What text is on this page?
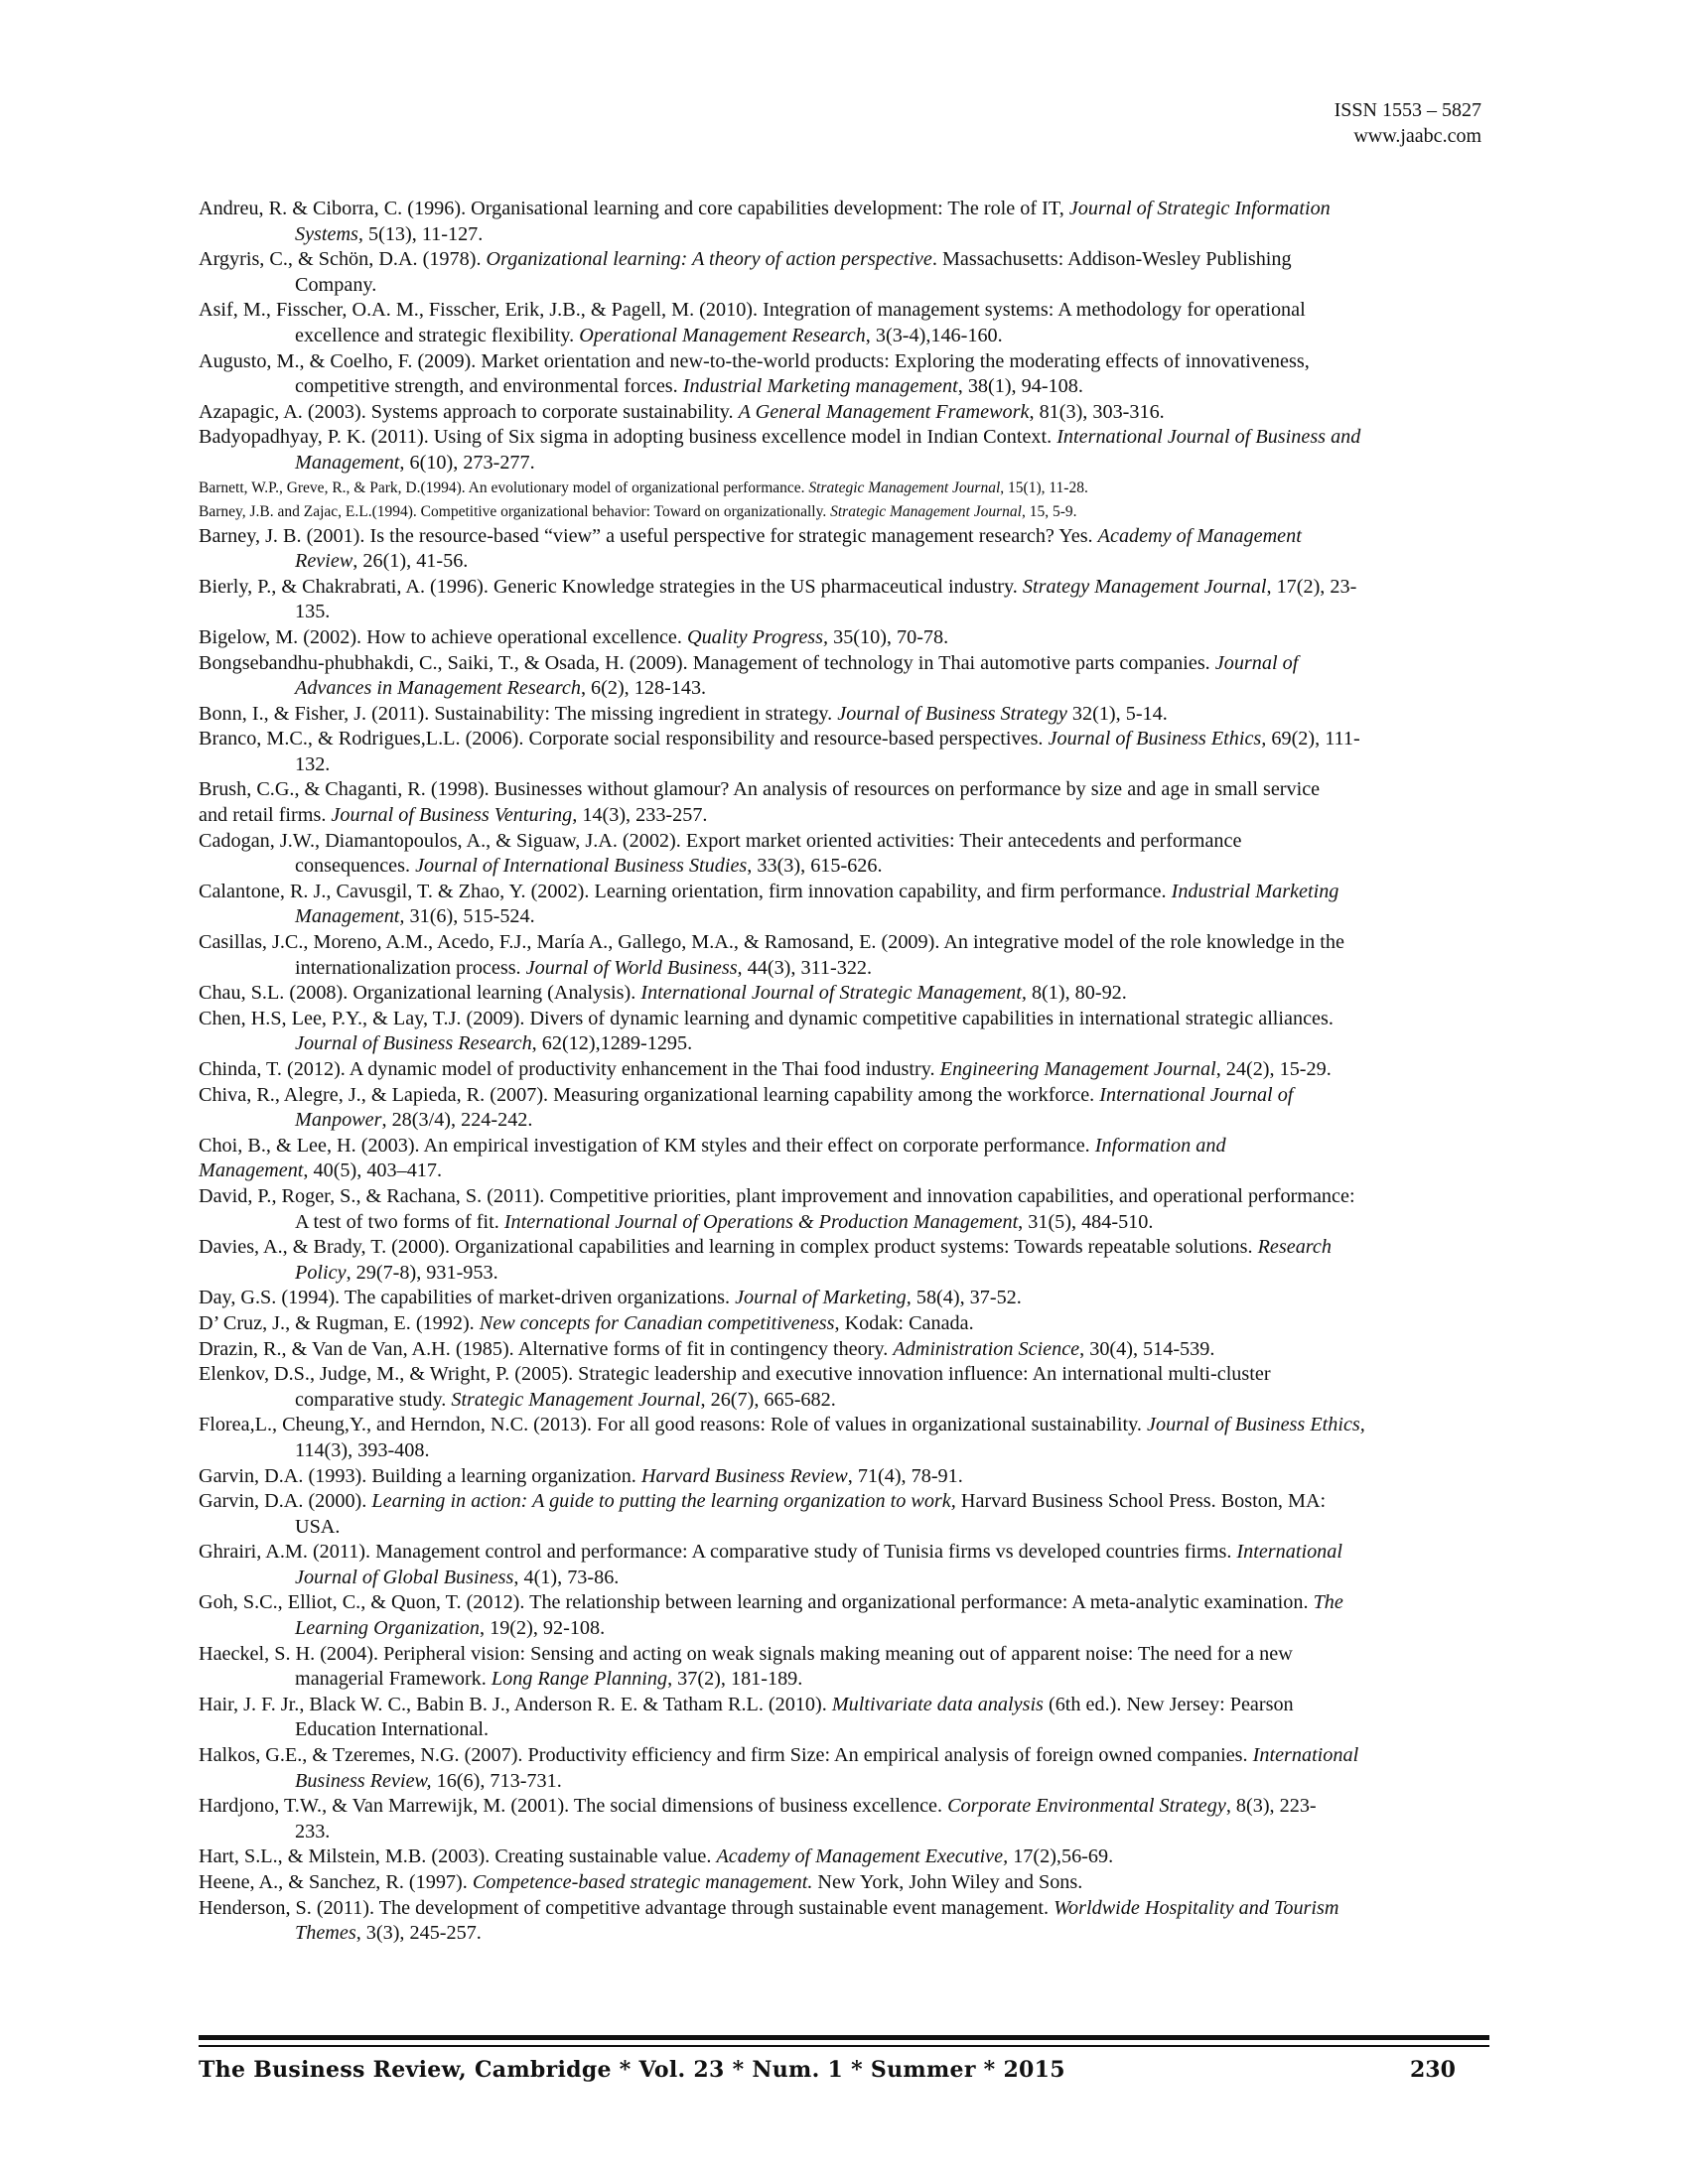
ISSN 1553 – 5827
www.jaabc.com
Andreu, R. & Ciborra, C. (1996). Organisational learning and core capabilities development: The role of IT, Journal of Strategic Information
Systems, 5(13), 11-127.
Argyris, C., & Schön, D.A. (1978). Organizational learning: A theory of action perspective. Massachusetts: Addison-Wesley Publishing
Company.
Asif, M., Fisscher, O.A. M., Fisscher, Erik, J.B., & Pagell, M. (2010). Integration of management systems: A methodology for operational
excellence and strategic flexibility. Operational Management Research, 3(3-4),146-160.
Augusto, M., & Coelho, F. (2009). Market orientation and new-to-the-world products: Exploring the moderating effects of innovativeness,
competitive strength, and environmental forces. Industrial Marketing management, 38(1), 94-108.
Azapagic, A. (2003). Systems approach to corporate sustainability. A General Management Framework, 81(3), 303-316.
Badyopadhyay, P. K. (2011). Using of Six sigma in adopting business excellence model in Indian Context. International Journal of Business and
Management, 6(10), 273-277.
Barnett, W.P., Greve, R., & Park, D.(1994). An evolutionary model of organizational performance. Strategic Management Journal, 15(1), 11-28.
Barney, J.B. and Zajac, E.L.(1994). Competitive organizational behavior: Toward on organizationally. Strategic Management Journal, 15, 5-9.
Barney, J. B. (2001). Is the resource-based “view” a useful perspective for strategic management research? Yes. Academy of Management
Review, 26(1), 41-56.
Bierly, P., & Chakrabrati, A. (1996). Generic Knowledge strategies in the US pharmaceutical industry. Strategy Management Journal, 17(2), 23-
135.
Bigelow, M. (2002). How to achieve operational excellence. Quality Progress, 35(10), 70-78.
Bongsebandhu-phubhakdi, C., Saiki, T., & Osada, H. (2009). Management of technology in Thai automotive parts companies. Journal of
Advances in Management Research, 6(2), 128-143.
Bonn, I., & Fisher, J. (2011). Sustainability: The missing ingredient in strategy. Journal of Business Strategy 32(1), 5-14.
Branco, M.C., & Rodrigues,L.L. (2006). Corporate social responsibility and resource-based perspectives. Journal of Business Ethics, 69(2), 111-
132.
Brush, C.G., & Chaganti, R. (1998). Businesses without glamour? An analysis of resources on performance by size and age in small service
and retail firms. Journal of Business Venturing, 14(3), 233-257.
Cadogan, J.W., Diamantopoulos, A., & Siguaw, J.A. (2002). Export market oriented activities: Their antecedents and performance
consequences. Journal of International Business Studies, 33(3), 615-626.
Calantone, R. J., Cavusgil, T. & Zhao, Y. (2002). Learning orientation, firm innovation capability, and firm performance. Industrial Marketing
Management, 31(6), 515-524.
Casillas, J.C., Moreno, A.M., Acedo, F.J., María A., Gallego, M.A., & Ramosand, E. (2009). An integrative model of the role knowledge in the
internationalization process. Journal of World Business, 44(3), 311-322.
Chau, S.L. (2008). Organizational learning (Analysis). International Journal of Strategic Management, 8(1), 80-92.
Chen, H.S, Lee, P.Y., & Lay, T.J. (2009). Divers of dynamic learning and dynamic competitive capabilities in international strategic alliances.
Journal of Business Research, 62(12),1289-1295.
Chinda, T. (2012). A dynamic model of productivity enhancement in the Thai food industry. Engineering Management Journal, 24(2), 15-29.
Chiva, R., Alegre, J., & Lapieda, R. (2007). Measuring organizational learning capability among the workforce. International Journal of
Manpower, 28(3/4), 224-242.
Choi, B., & Lee, H. (2003). An empirical investigation of KM styles and their effect on corporate performance. Information and
Management, 40(5), 403–417.
David, P., Roger, S., & Rachana, S. (2011). Competitive priorities, plant improvement and innovation capabilities, and operational performance:
A test of two forms of fit. International Journal of Operations & Production Management, 31(5), 484-510.
Davies, A., & Brady, T. (2000). Organizational capabilities and learning in complex product systems: Towards repeatable solutions. Research
Policy, 29(7-8), 931-953.
Day, G.S. (1994). The capabilities of market-driven organizations. Journal of Marketing, 58(4), 37-52.
D’ Cruz, J., & Rugman, E. (1992). New concepts for Canadian competitiveness, Kodak: Canada.
Drazin, R., & Van de Van, A.H. (1985). Alternative forms of fit in contingency theory. Administration Science, 30(4), 514-539.
Elenkov, D.S., Judge, M., & Wright, P. (2005). Strategic leadership and executive innovation influence: An international multi-cluster
comparative study. Strategic Management Journal, 26(7), 665-682.
Florea,L., Cheung,Y., and Herndon, N.C. (2013). For all good reasons: Role of values in organizational sustainability. Journal of Business Ethics,
114(3), 393-408.
Garvin, D.A. (1993). Building a learning organization. Harvard Business Review, 71(4), 78-91.
Garvin, D.A. (2000). Learning in action: A guide to putting the learning organization to work, Harvard Business School Press. Boston, MA:
USA.
Ghrairi, A.M. (2011). Management control and performance: A comparative study of Tunisia firms vs developed countries firms. International
Journal of Global Business, 4(1), 73-86.
Goh, S.C., Elliot, C., & Quon, T. (2012). The relationship between learning and organizational performance: A meta-analytic examination. The
Learning Organization, 19(2), 92-108.
Haeckel, S. H. (2004). Peripheral vision: Sensing and acting on weak signals making meaning out of apparent noise: The need for a new
managerial Framework. Long Range Planning, 37(2), 181-189.
Hair, J. F. Jr., Black W. C., Babin B. J., Anderson R. E. & Tatham R.L. (2010). Multivariate data analysis (6th ed.). New Jersey: Pearson
Education International.
Halkos, G.E., & Tzeremes, N.G. (2007). Productivity efficiency and firm Size: An empirical analysis of foreign owned companies. International
Business Review, 16(6), 713-731.
Hardjono, T.W., & Van Marrewijk, M. (2001). The social dimensions of business excellence. Corporate Environmental Strategy, 8(3), 223-
233.
Hart, S.L., & Milstein, M.B. (2003). Creating sustainable value. Academy of Management Executive, 17(2),56-69.
Heene, A., & Sanchez, R. (1997). Competence-based strategic management. New York, John Wiley and Sons.
Henderson, S. (2011). The development of competitive advantage through sustainable event management. Worldwide Hospitality and Tourism
Themes, 3(3), 245-257.
The Business Review, Cambridge * Vol. 23 * Num. 1 * Summer * 2015	230
